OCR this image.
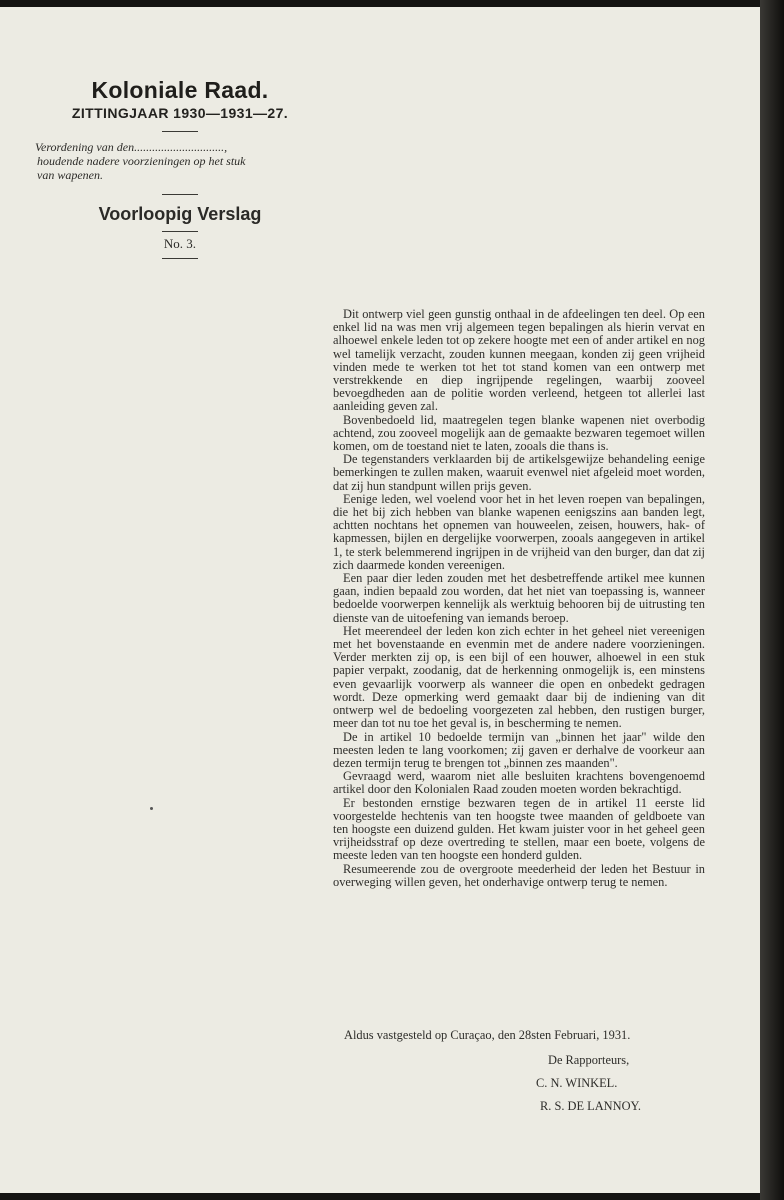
Koloniale Raad.
ZITTINGJAAR 1930—1931—27.
Verordening van den..............................,
houdende nadere voorzieningen op het stuk
van wapenen.
Voorloopig Verslag
No. 3.

Dit ontwerp viel geen gunstig onthaal in de afdeelingen ten deel. Op een enkel lid na was men vrij algemeen tegen bepalingen als hierin vervat en alhoewel enkele leden tot op zekere hoogte met een of ander artikel en nog wel tamelijk verzacht, zouden kunnen meegaan, konden zij geen vrijheid vinden mede te werken tot het tot stand komen van een ontwerp met verstrekkende en diep ingrijpende regelingen, waarbij zooveel bevoegdheden aan de politie worden verleend, hetgeen tot allerlei last aanleiding geven zal.

Bovenbedoeld lid, maatregelen tegen blanke wapenen niet overbodig achtend, zou zooveel mogelijk aan de gemaakte bezwaren tegemoet willen komen, om de toestand niet te laten, zooals die thans is.

De tegenstanders verklaarden bij de artikelsgewijze behandeling eenige bemerkingen te zullen maken, waaruit evenwel niet afgeleid moet worden, dat zij hun standpunt willen prijs geven.

Eenige leden, wel voelend voor het in het leven roepen van bepalingen, die het bij zich hebben van blanke wapenen eenigszins aan banden legt, achtten nochtans het opnemen van houweelen, zeisen, houwers, hak- of kapmessen, bijlen en dergelijke voorwerpen, zooals aangegeven in artikel 1, te sterk belemmerend ingrijpen in de vrijheid van den burger, dan dat zij zich daarmede konden vereenigen.

Een paar dier leden zouden met het desbetreffende artikel mee kunnen gaan, indien bepaald zou worden, dat het niet van toepassing is, wanneer bedoelde voorwerpen kennelijk als werktuig behooren bij de uitrusting ten dienste van de uitoefening van iemands beroep.

Het meerendeel der leden kon zich echter in het geheel niet vereenigen met het bovenstaande en evenmin met de andere nadere voorzieningen. Verder merkten zij op, is een bijl of een houwer, alhoewel in een stuk papier verpakt, zoodanig, dat de herkenning onmogelijk is, een minstens even gevaarlijk voorwerp als wanneer die open en onbedekt gedragen wordt. Deze opmerking werd gemaakt daar bij de indiening van dit ontwerp wel de bedoeling voorgezeten zal hebben, den rustigen burger, meer dan tot nu toe het geval is, in bescherming te nemen.

De in artikel 10 bedoelde termijn van „binnen het jaar" wilde den meesten leden te lang voorkomen; zij gaven er derhalve de voorkeur aan dezen termijn terug te brengen tot „binnen zes maanden".

Gevraagd werd, waarom niet alle besluiten krachtens bovengenoemd artikel door den Kolonialen Raad zouden moeten worden bekrachtigd.

Er bestonden ernstige bezwaren tegen de in artikel 11 eerste lid voorgestelde hechtenis van ten hoogste twee maanden of geldboete van ten hoogste een duizend gulden. Het kwam juister voor in het geheel geen vrijheidsstraf op deze overtreding te stellen, maar een boete, volgens de meeste leden van ten hoogste een honderd gulden.

Resumeerende zou de overgroote meederheid der leden het Bestuur in overweging willen geven, het onderhavige ontwerp terug te nemen.

Aldus vastgesteld op Curaçao, den 28sten Februari, 1931.
De Rapporteurs,
C. N. WINKEL.
R. S. DE LANNOY.
